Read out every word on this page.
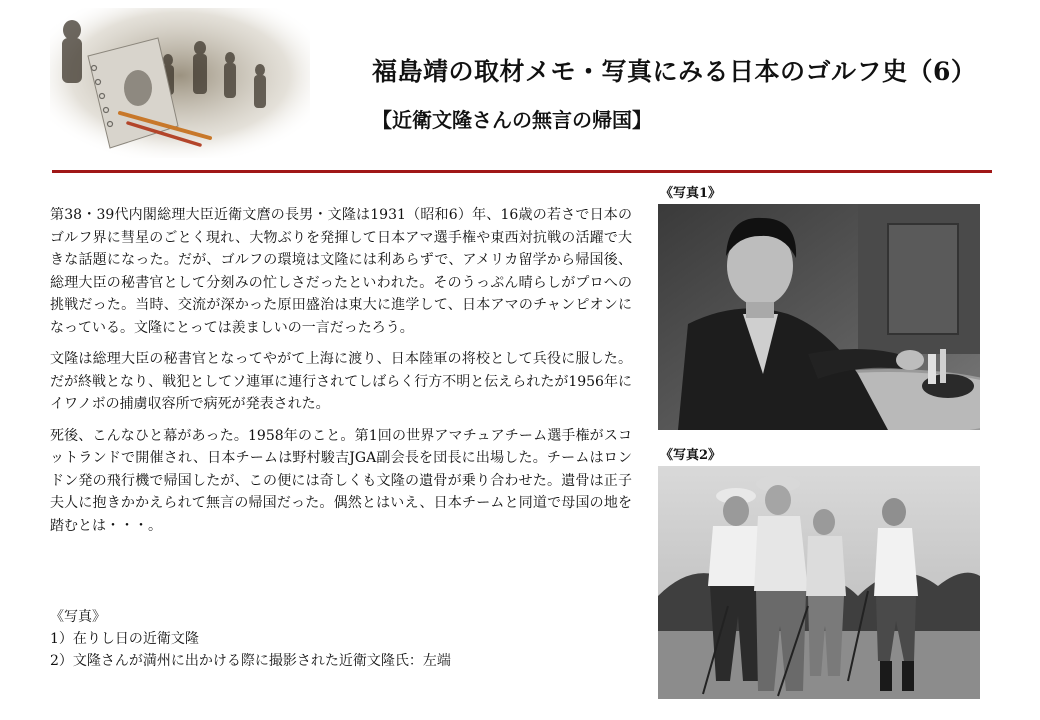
福島靖の取材メモ・写真にみる日本のゴルフ史（6）
【近衛文隆さんの無言の帰国】

第38・39代内閣総理大臣近衛文麿の長男・文隆は1931（昭和6）年、16歳の若さで日本のゴルフ界に彗星のごとく現れ、大物ぶりを発揮して日本アマ選手権や東西対抗戦の活躍で大きな話題になった。だが、ゴルフの環境は文隆には利あらずで、アメリカ留学から帰国後、総理大臣の秘書官として分刻みの忙しさだったといわれた。そのうっぷん晴らしがプロへの挑戦だった。当時、交流が深かった原田盛治は東大に進学して、日本アマのチャンピオンになっている。文隆にとっては羨ましいの一言だったろう。

文隆は総理大臣の秘書官となってやがて上海に渡り、日本陸軍の将校として兵役に服した。だが終戦となり、戦犯としてソ連軍に連行されてしばらく行方不明と伝えられたが1956年にイワノボの捕虜収容所で病死が発表された。

死後、こんなひと幕があった。1958年のこと。第1回の世界アマチュアチーム選手権がスコットランドで開催され、日本チームは野村駿吉JGA副会長を団長に出場した。チームはロンドン発の飛行機で帰国したが、この便には奇しくも文隆の遺骨が乗り合わせた。遺骨は正子夫人に抱きかかえられて無言の帰国だった。偶然とはいえ、日本チームと同道で母国の地を踏むとは・・・。

《写真》
1）在りし日の近衛文隆
2）文隆さんが満州に出かける際に撮影された近衛文隆氏：左端
《写真1》
《写真2》
